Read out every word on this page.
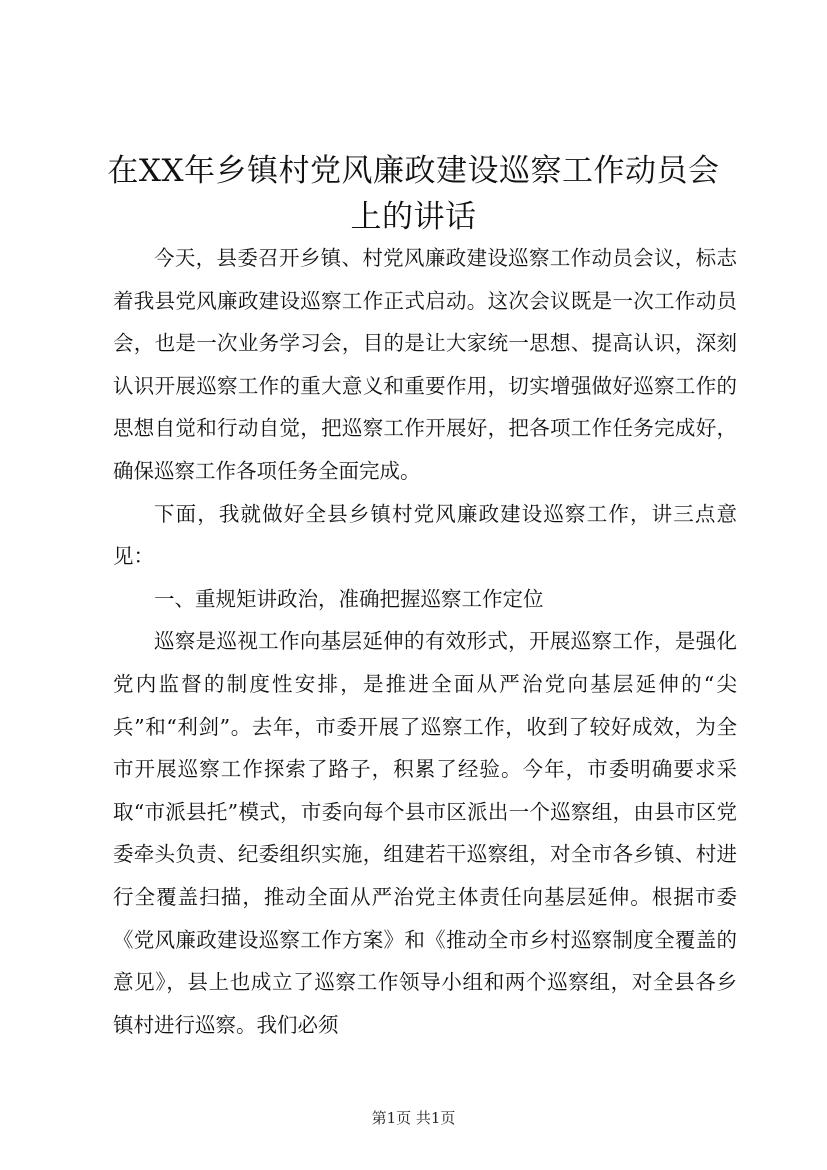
在XX年乡镇村党风廉政建设巡察工作动员会
上的讲话

今天，县委召开乡镇、村党风廉政建设巡察工作动员会议，标志着我县党风廉政建设巡察工作正式启动。这次会议既是一次工作动员会，也是一次业务学习会，目的是让大家统一思想、提高认识，深刻认识开展巡察工作的重大意义和重要作用，切实增强做好巡察工作的思想自觉和行动自觉，把巡察工作开展好，把各项工作任务完成好，确保巡察工作各项任务全面完成。

下面，我就做好全县乡镇村党风廉政建设巡察工作，讲三点意见：

一、重规矩讲政治，准确把握巡察工作定位

巡察是巡视工作向基层延伸的有效形式，开展巡察工作，是强化党内监督的制度性安排，是推进全面从严治党向基层延伸的“尖兵”和“利剑”。去年，市委开展了巡察工作，收到了较好成效，为全市开展巡察工作探索了路子，积累了经验。今年，市委明确要求采取“市派县托”模式，市委向每个县市区派出一个巡察组，由县市区党委牵头负责、纪委组织实施，组建若干巡察组，对全市各乡镇、村进行全覆盖扫描，推动全面从严治党主体责任向基层延伸。根据市委《党风廉政建设巡察工作方案》和《推动全市乡村巡察制度全覆盖的意见》，县上也成立了巡察工作领导小组和两个巡察组，对全县各乡镇村进行巡察。我们必须

第1页 共1页
